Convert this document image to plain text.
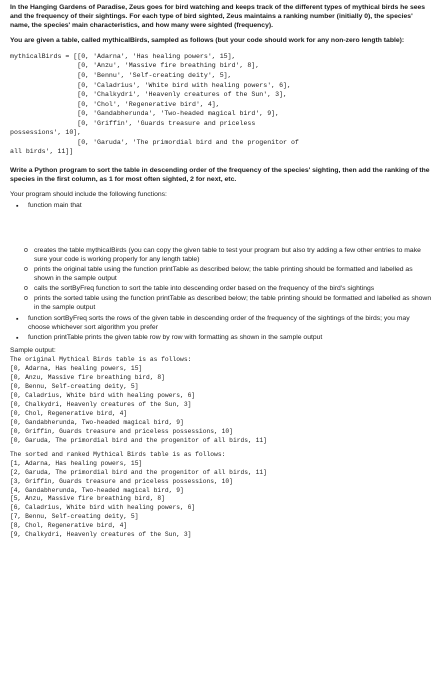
In the Hanging Gardens of Paradise, Zeus goes for bird watching and keeps track of the different types of mythical birds he sees and the frequency of their sightings. For each type of bird sighted, Zeus maintains a ranking number (initially 0), the species' name, the species' main characteristics, and how many were sighted (frequency).

You are given a table, called mythicalBirds, sampled as follows (but your code should work for any non-zero length table):

mythicalBirds = [[0, 'Adarna', 'Has healing powers', 15],
[0, 'Anzu', 'Massive fire breathing bird', 8],
[0, 'Bennu', 'Self-creating deity', 5],
[0, 'Caladrius', 'White bird with healing powers', 6],
[0, 'Chalkydri', 'Heavenly creatures of the Sun', 3],
[0, 'Chol', 'Regenerative bird', 4],
[0, 'Gandabherunda', 'Two-headed magical bird', 9],
[0, 'Griffin', 'Guards treasure and priceless
possessions', 10],
[0, 'Garuda', 'The primordial bird and the progenitor of
all birds', 11]]

Write a Python program to sort the table in descending order of the frequency of the species' sighting, then add the ranking of the species in the first column, as 1 for most often sighted, 2 for next, etc.

Your program should include the following functions:

▪ function main that
o creates the table mythicalBirds (you can copy the given table to test your program but also try adding a few other entries to make sure your code is working properly for any length table)
o prints the original table using the function printTable as described below; the table printing should be formatted and labelled as shown in the sample output
o calls the sortByFreq function to sort the table into descending order based on the frequency of the bird's sightings
o prints the sorted table using the function printTable as described below; the table printing should be formatted and labelled as shown in the sample output
▪ function sortByFreq sorts the rows of the given table in descending order of the frequency of the sightings of the birds; you may choose whichever sort algorithm you prefer
▪ function printTable prints the given table row by row with formatting as shown in the sample output

Sample output:

The original Mythical Birds table is as follows:
[0, Adarna, Has healing powers, 15]
[0, Anzu, Massive fire breathing bird, 8]
[0, Bennu, Self-creating deity, 5]
[0, Caladrius, White bird with healing powers, 6]
[0, Chalkydri, Heavenly creatures of the Sun, 3]
[0, Chol, Regenerative bird, 4]
[0, Gandabherunda, Two-headed magical bird, 9]
[0, Griffin, Guards treasure and priceless possessions, 10]
[0, Garuda, The primordial bird and the progenitor of all birds, 11]
The sorted and ranked Mythical Birds table is as follows:
[1, Adarna, Has healing powers, 15]
[2, Garuda, The primordial bird and the progenitor of all birds, 11]
[3, Griffin, Guards treasure and priceless possessions, 10]
[4, Gandabherunda, Two-headed magical bird, 9]
[5, Anzu, Massive fire breathing bird, 8]
[6, Caladrius, White bird with healing powers, 6]
[7, Bennu, Self-creating deity, 5]
[8, Chol, Regenerative bird, 4]
[9, Chalkydri, Heavenly creatures of the Sun, 3]
